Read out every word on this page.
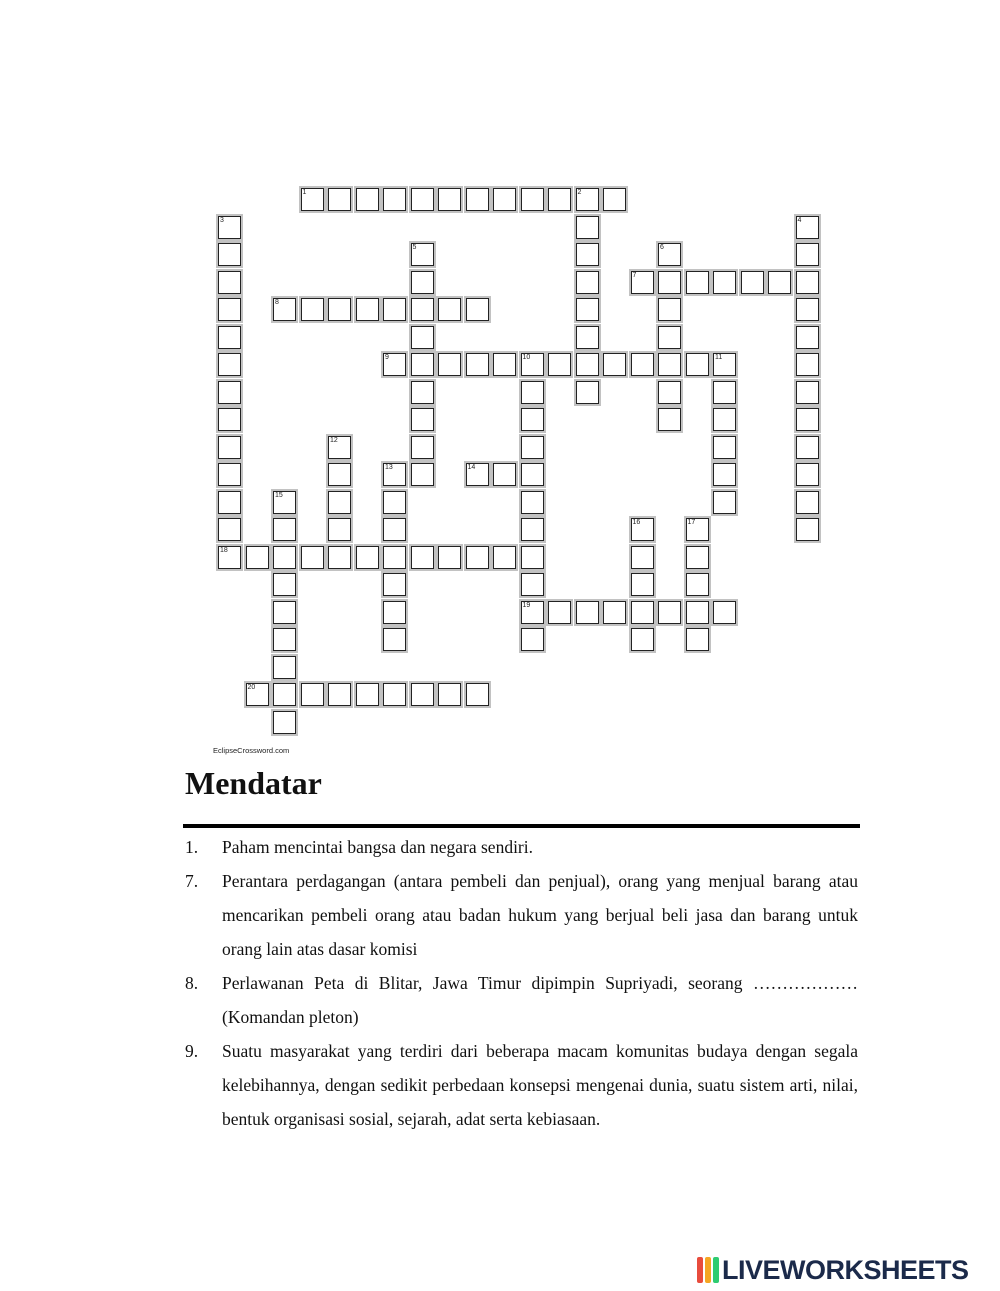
1	2
3
18
4
5	6
7
8
9	10	11
19
12
13	14
15
16	17
20
EclipseCrossword.com
Mendatar
1. Paham mencintai bangsa dan negara sendiri.
7. Perantara perdagangan (antara pembeli dan penjual), orang yang menjual barang atau mencarikan pembeli orang atau badan hukum yang berjual beli jasa dan barang untuk orang lain atas dasar komisi
8. Perlawanan Peta di Blitar, Jawa Timur dipimpin Supriyadi, seorang ……………… (Komandan pleton)
9. Suatu masyarakat yang terdiri dari beberapa macam komunitas budaya dengan segala kelebihannya, dengan sedikit perbedaan konsepsi mengenai dunia, suatu sistem arti, nilai, bentuk organisasi sosial, sejarah, adat serta kebiasaan.
LIVEWORKSHEETS
